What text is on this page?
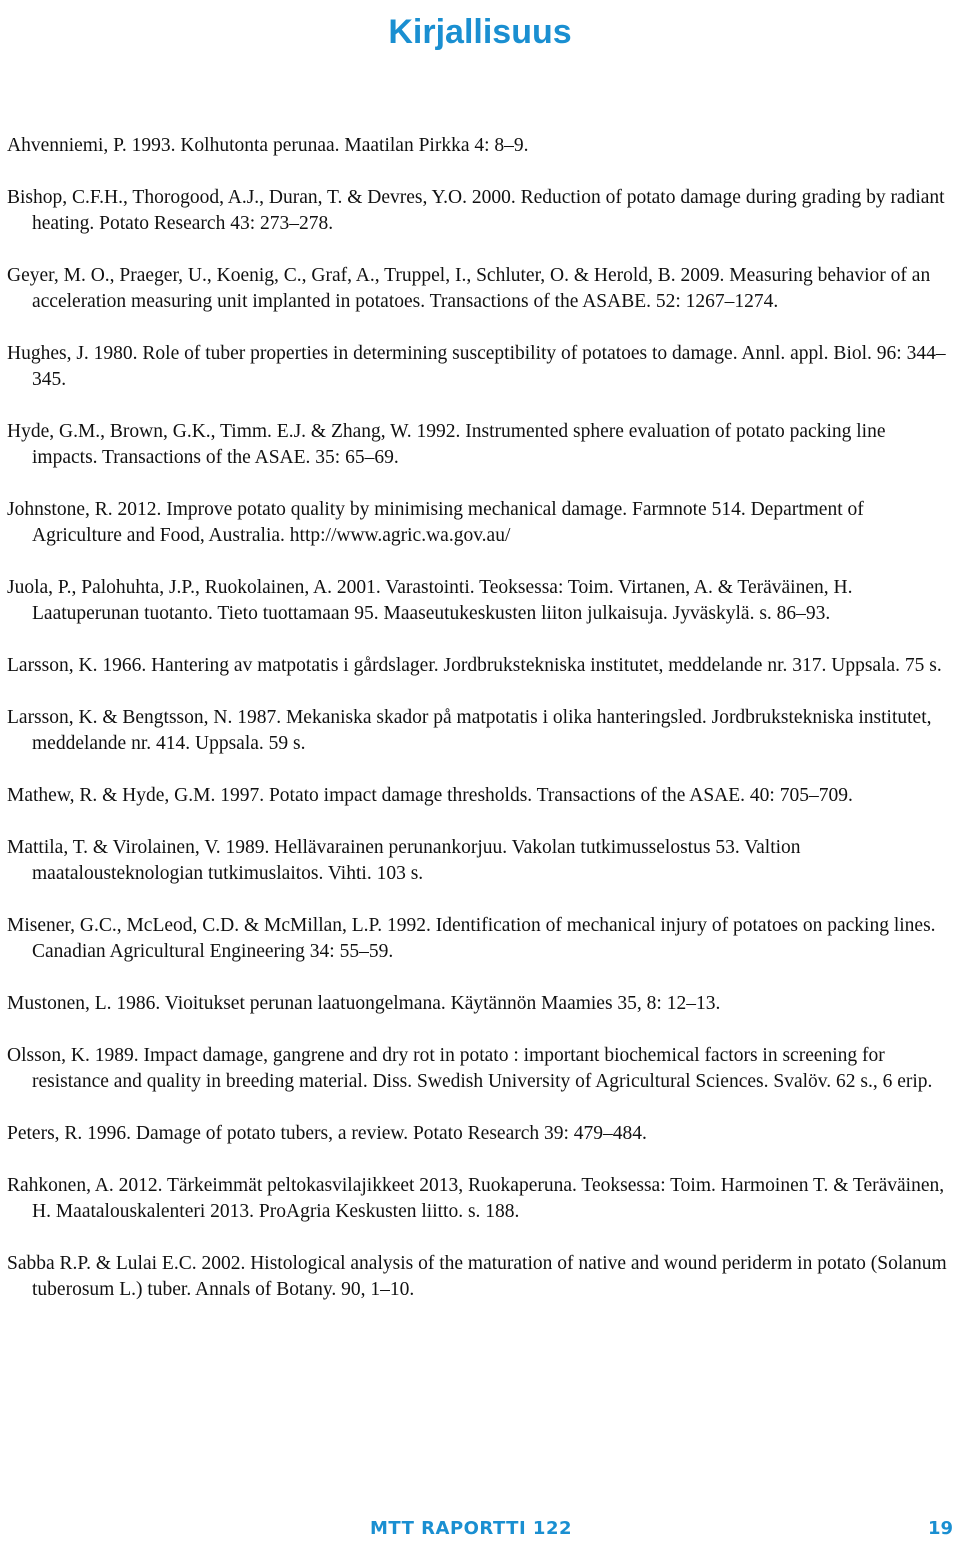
Kirjallisuus
Ahvenniemi, P. 1993. Kolhutonta perunaa. Maatilan Pirkka 4: 8–9.
Bishop, C.F.H., Thorogood, A.J., Duran, T. & Devres, Y.O. 2000. Reduction of potato damage during grading by radiant heating. Potato Research 43: 273–278.
Geyer, M. O., Praeger, U., Koenig, C., Graf, A., Truppel, I., Schluter, O. & Herold, B. 2009. Measuring behavior of an acceleration measuring unit implanted in potatoes. Transactions of the ASABE. 52: 1267–1274.
Hughes, J. 1980. Role of tuber properties in determining susceptibility of potatoes to damage. Annl. appl. Biol. 96: 344–345.
Hyde, G.M., Brown, G.K., Timm. E.J. & Zhang, W. 1992. Instrumented sphere evaluation of potato packing line impacts. Transactions of the ASAE. 35: 65–69.
Johnstone, R. 2012. Improve potato quality by minimising mechanical damage. Farmnote 514. Department of Agriculture and Food, Australia. http://www.agric.wa.gov.au/
Juola, P., Palohuhta, J.P., Ruokolainen, A. 2001. Varastointi. Teoksessa: Toim. Virtanen, A. & Teräväinen, H. Laatuperunan tuotanto. Tieto tuottamaan 95. Maaseutukeskusten liiton julkaisuja. Jyväskylä. s. 86–93.
Larsson, K. 1966. Hantering av matpotatis i gårdslager. Jordbrukstekniska institutet, meddelande nr. 317. Uppsala. 75 s.
Larsson, K. & Bengtsson, N. 1987. Mekaniska skador på matpotatis i olika hanteringsled. Jordbrukstekniska institutet, meddelande nr. 414. Uppsala. 59 s.
Mathew, R. & Hyde, G.M. 1997. Potato impact damage thresholds. Transactions of the ASAE. 40: 705–709.
Mattila, T. & Virolainen, V. 1989. Hellävarainen perunankorjuu. Vakolan tutkimusselostus 53. Valtion maatalousteknologian tutkimuslaitos. Vihti. 103 s.
Misener, G.C., McLeod, C.D. & McMillan, L.P. 1992. Identification of mechanical injury of potatoes on packing lines. Canadian Agricultural Engineering 34: 55–59.
Mustonen, L. 1986. Vioitukset perunan laatuongelmana. Käytännön Maamies 35, 8: 12–13.
Olsson, K. 1989. Impact damage, gangrene and dry rot in potato : important biochemical factors in screening for resistance and quality in breeding material. Diss. Swedish University of Agricultural Sciences. Svalöv. 62 s., 6 erip.
Peters, R. 1996. Damage of potato tubers, a review. Potato Research 39: 479–484.
Rahkonen, A. 2012. Tärkeimmät peltokasvilajikkeet 2013, Ruokaperuna. Teoksessa: Toim. Harmoinen T. & Teräväinen, H. Maatalouskalenteri 2013. ProAgria Keskusten liitto. s. 188.
Sabba R.P. & Lulai E.C. 2002. Histological analysis of the maturation of native and wound periderm in potato (Solanum tuberosum L.) tuber. Annals of Botany. 90, 1–10.
MTT RAPORTTI 122	19
